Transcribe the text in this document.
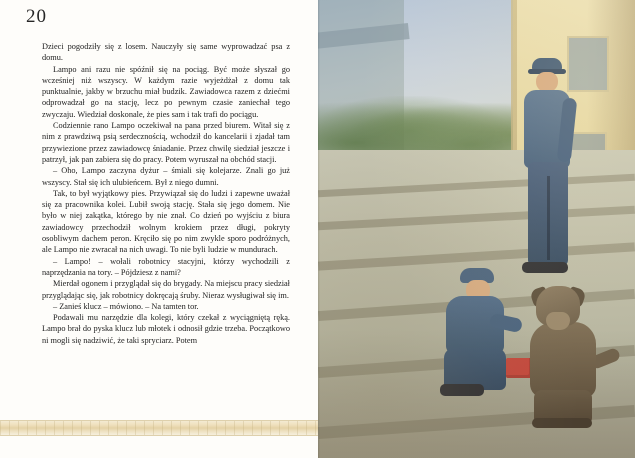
20

Dzieci pogodziły się z losem. Nauczyły się same wyprowadzać psa z domu.

Lampo ani razu nie spóźnił się na pociąg. Być może słyszał go wcześniej niż wszyscy. W każdym razie wyjeżdżał z domu tak punktualnie, jakby w brzuchu miał budzik. Zawiadowca razem z dziećmi odprowadzał go na stację, lecz po pewnym czasie zaniechał tego zwyczaju. Wiedział doskonale, że pies sam i tak trafi do pociągu.

Codziennie rano Lampo oczekiwał na pana przed biurem. Witał się z nim z prawdziwą psią serdecznością, wchodził do kancelarii i zjadał tam przywiezione przez zawiadowcę śniadanie. Przez chwilę siedział jeszcze i patrzył, jak pan zabiera się do pracy. Potem wyruszał na obchód stacji.

– Oho, Lampo zaczyna dyżur – śmiali się kolejarze. Znali go już wszyscy. Stał się ich ulubieńcem. Był z niego dumni.

Tak, to był wyjątkowy pies. Przywiązał się do ludzi i zapewne uważał się za pracownika kolei. Lubił swoją stację. Stała się jego domem. Nie było w niej zakątka, którego by nie znał. Co dzień po wyjściu z biura zawiadowcy przechodził wolnym krokiem przez długi, pokryty osobliwym dachem peron. Kręciło się po nim zwykle sporo podróżnych, ale Lampo nie zwracał na nich uwagi. To nie byli ludzie w mundurach.

– Lampo! – wołali robotnicy stacyjni, którzy wychodzili z naprzędzania na tory. – Pójdziesz z nami?

Mierdał ogonem i przyglądał się do brygady. Na miejscu pracy siedział przyglądając się, jak robotnicy dokręcają śruby. Nieraz wysługiwał się im.

– Zanieś klucz – mówiono. – Na tamten tor.

Podawali mu narzędzie dla kolegi, który czekał z wyciągniętą ręką. Lampo brał do pyska klucz lub młotek i odnosił gdzie trzeba. Początkowo ni mogli się nadziwić, że taki spryciarz. Potem
